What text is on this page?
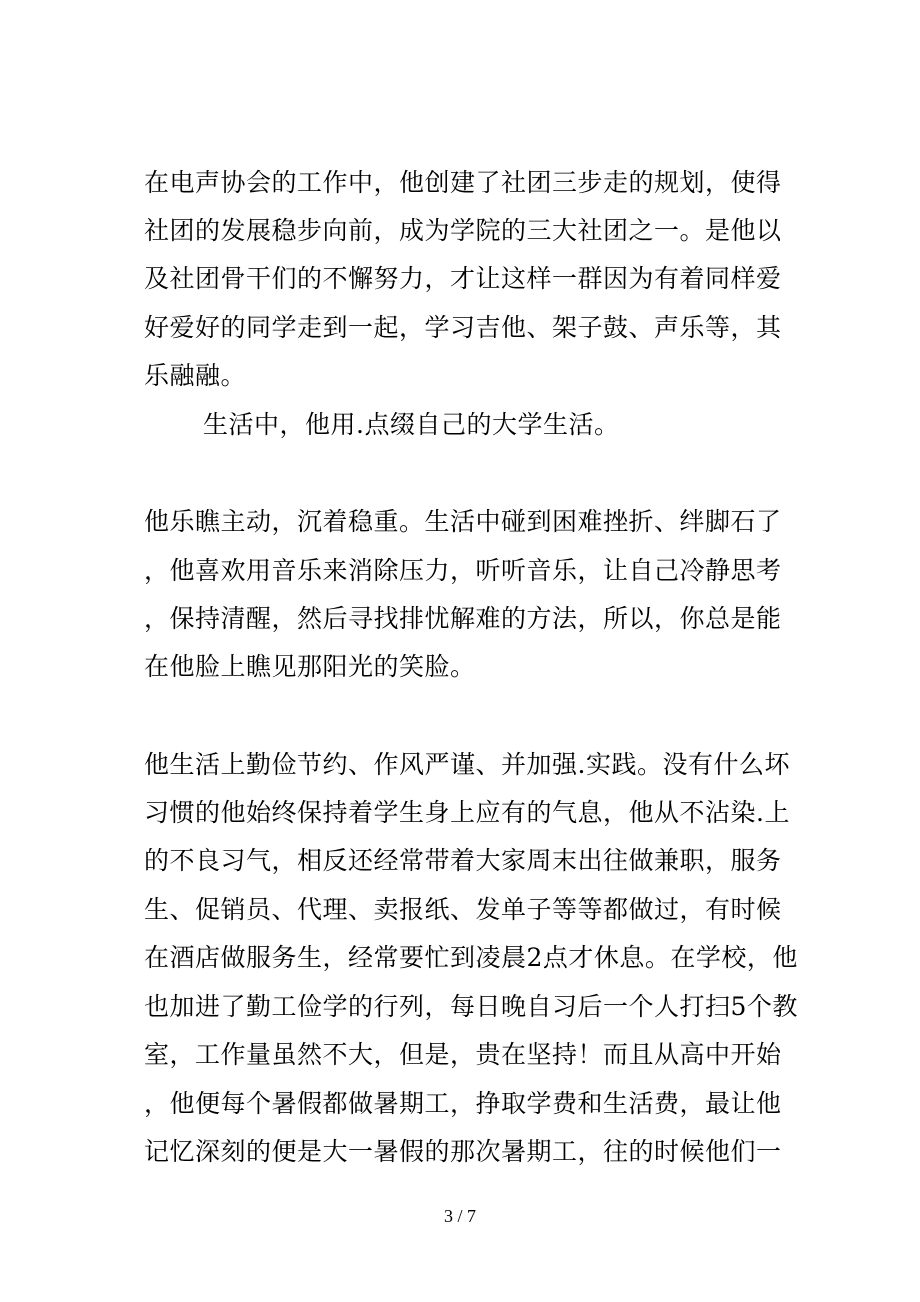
在电声协会的工作中，他创建了社团三步走的规划，使得
社团的发展稳步向前，成为学院的三大社团之一。是他以
及社团骨干们的不懈努力，才让这样一群因为有着同样爱
好爱好的同学走到一起，学习吉他、架子鼓、声乐等，其
乐融融。
生活中，他用.点缀自己的大学生活。
他乐瞧主动，沉着稳重。生活中碰到困难挫折、绊脚石了
，他喜欢用音乐来消除压力，听听音乐，让自己冷静思考
，保持清醒，然后寻找排忧解难的方法，所以，你总是能
在他脸上瞧见那阳光的笑脸。
他生活上勤俭节约、作风严谨、并加强.实践。没有什么坏
习惯的他始终保持着学生身上应有的气息，他从不沾染.上
的不良习气，相反还经常带着大家周末出往做兼职，服务
生、促销员、代理、卖报纸、发单子等等都做过，有时候
在酒店做服务生，经常要忙到凌晨2点才休息。在学校，他
也加进了勤工俭学的行列，每日晚自习后一个人打扫5个教
室，工作量虽然不大，但是，贵在坚持！而且从高中开始
，他便每个暑假都做暑期工，挣取学费和生活费，最让他
记忆深刻的便是大一暑假的那次暑期工，往的时候他们一
3 / 7
